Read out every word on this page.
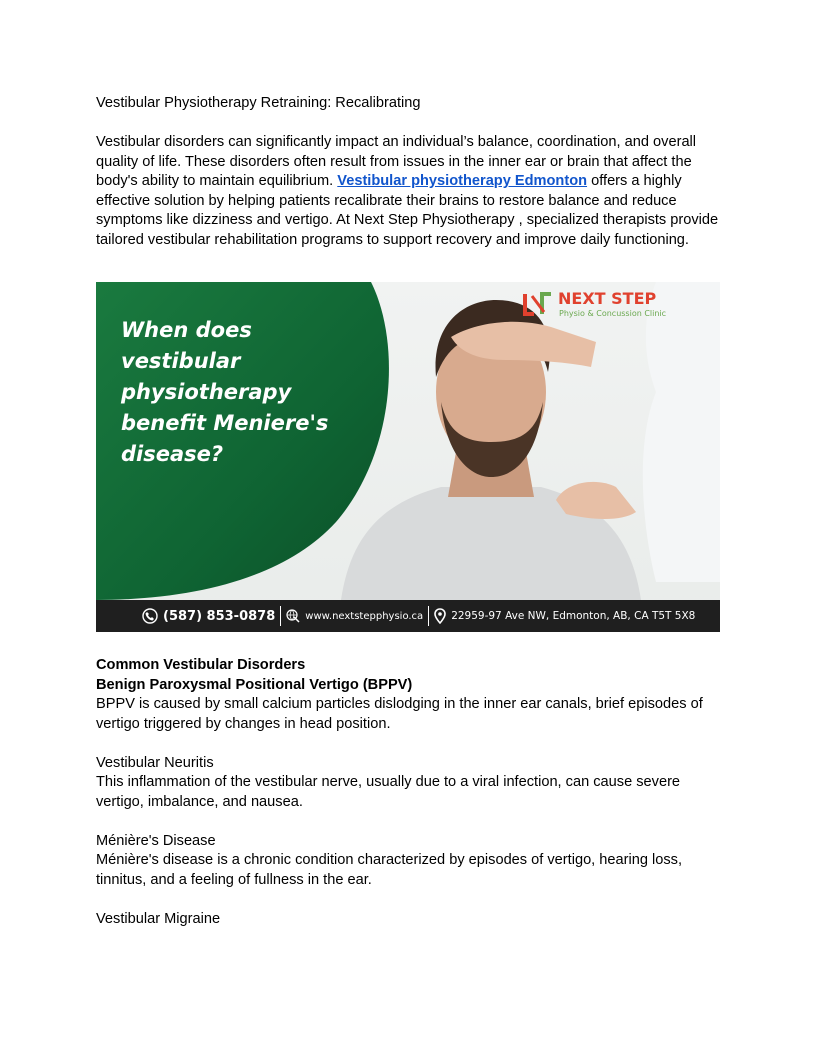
Vestibular Physiotherapy Retraining: Recalibrating

Vestibular disorders can significantly impact an individual’s balance, coordination, and overall quality of life. These disorders often result from issues in the inner ear or brain that affect the body's ability to maintain equilibrium. Vestibular physiotherapy Edmonton offers a highly effective solution by helping patients recalibrate their brains to restore balance and reduce symptoms like dizziness and vertigo. At Next Step Physiotherapy , specialized therapists provide tailored vestibular rehabilitation programs to support recovery and improve daily functioning.

When does
vestibular
physiotherapy
benefit Meniere's
disease?
NEXT STEP
Physio & Concussion Clinic
(587) 853-0878	www.nextstepphysio.ca	22959-97 Ave NW, Edmonton, AB, CA T5T 5X8

Common Vestibular Disorders

Benign Paroxysmal Positional Vertigo (BPPV)

BPPV is caused by small calcium particles dislodging in the inner ear canals, brief episodes of vertigo triggered by changes in head position.

Vestibular Neuritis

This inflammation of the vestibular nerve, usually due to a viral infection, can cause severe vertigo, imbalance, and nausea.

Ménière's Disease

Ménière's disease is a chronic condition characterized by episodes of vertigo, hearing loss, tinnitus, and a feeling of fullness in the ear.

Vestibular Migraine
